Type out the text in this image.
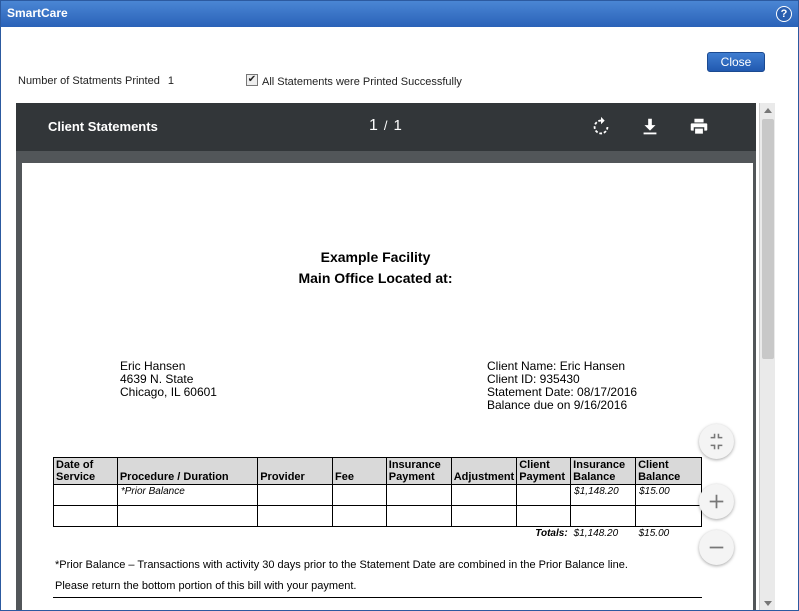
SmartCare	?
Close
Number of Statments Printed 1	✔ All Statements were Printed Successfully
Client Statements	1 / 1
Example Facility
Main Office Located at:
Eric Hansen
4639 N. State
Chicago, IL 60601
Client Name: Eric Hansen
Client ID: 935430
Statement Date: 08/17/2016
Balance due on 9/16/2016
Date of Service	Procedure / Duration	Provider	Fee	Insurance Payment	Adjustment	Client Payment	Insurance Balance	Client Balance
	*Prior Balance						$1,148.20	$15.00

					Totals:		$1,148.20	$15.00
*Prior Balance – Transactions with activity 30 days prior to the Statement Date are combined in the Prior Balance line.
Please return the bottom portion of this bill with your payment.
